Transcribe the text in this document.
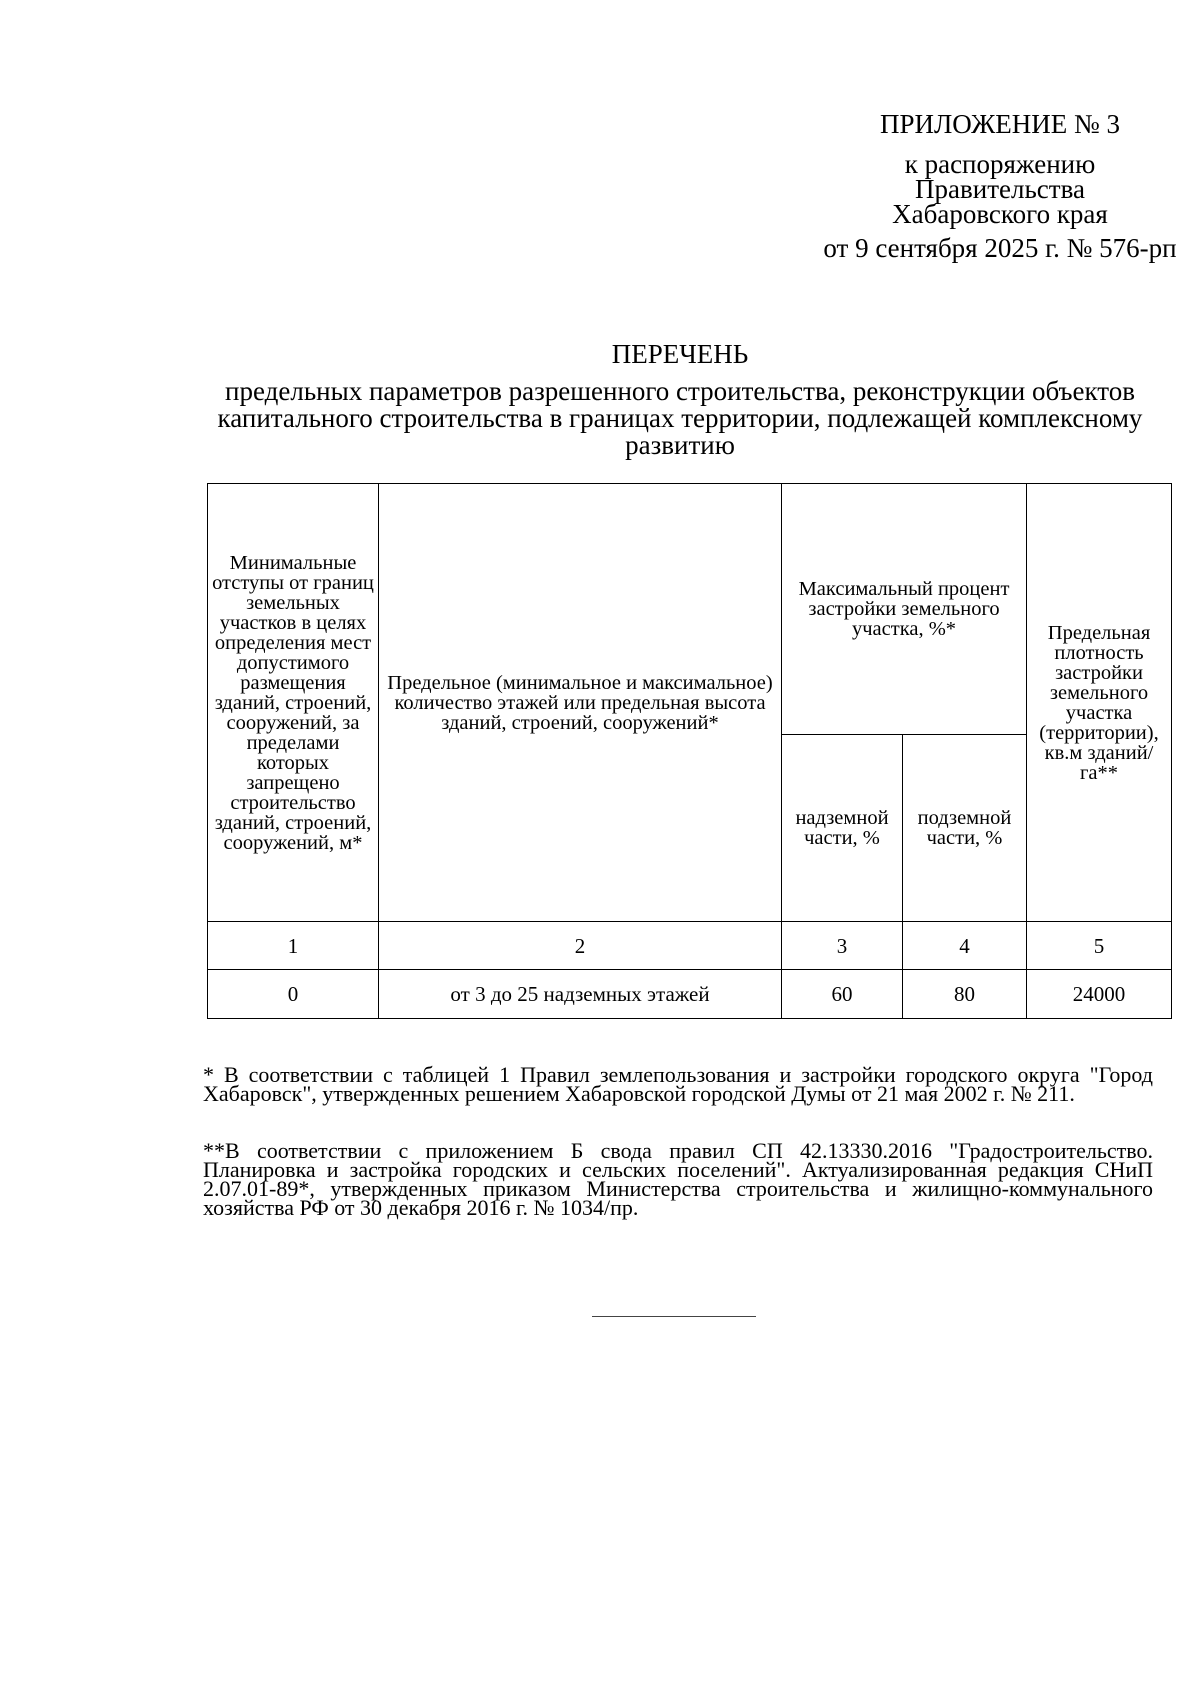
ПРИЛОЖЕНИЕ № 3
к распоряжению
Правительства
Хабаровского края
от 9 сентября 2025 г. № 576-рп
ПЕРЕЧЕНЬ
предельных параметров разрешенного строительства, реконструкции объектов капитального строительства в границах территории, подлежащей комплексному развитию
Минимальные отступы от границ земельных участков в целях определения мест допустимого размещения зданий, строений, сооружений, за пределами которых запрещено строительство зданий, строений, сооружений, м*	Предельное (минимальное и максимальное) количество этажей или предельная высота зданий, строений, сооружений*	Максимальный процент застройки земельного участка, %*		Предельная плотность застройки земельного участка (территории), кв.м зданий/га**
		надземной части, %	подземной части, %	
1	2	3	4	5
0	от 3 до 25 надземных этажей	60	80	24000
* В соответствии с таблицей 1 Правил землепользования и застройки городского округа "Город Хабаровск", утвержденных решением Хабаровской городской Думы от 21 мая 2002 г. № 211.
**В соответствии с приложением Б свода правил СП 42.13330.2016 "Градостроительство. Планировка и застройка городских и сельских поселений". Актуализированная редакция СНиП 2.07.01-89*, утвержденных приказом Министерства строительства и жилищно-коммунального хозяйства РФ от 30 декабря 2016 г. № 1034/пр.
